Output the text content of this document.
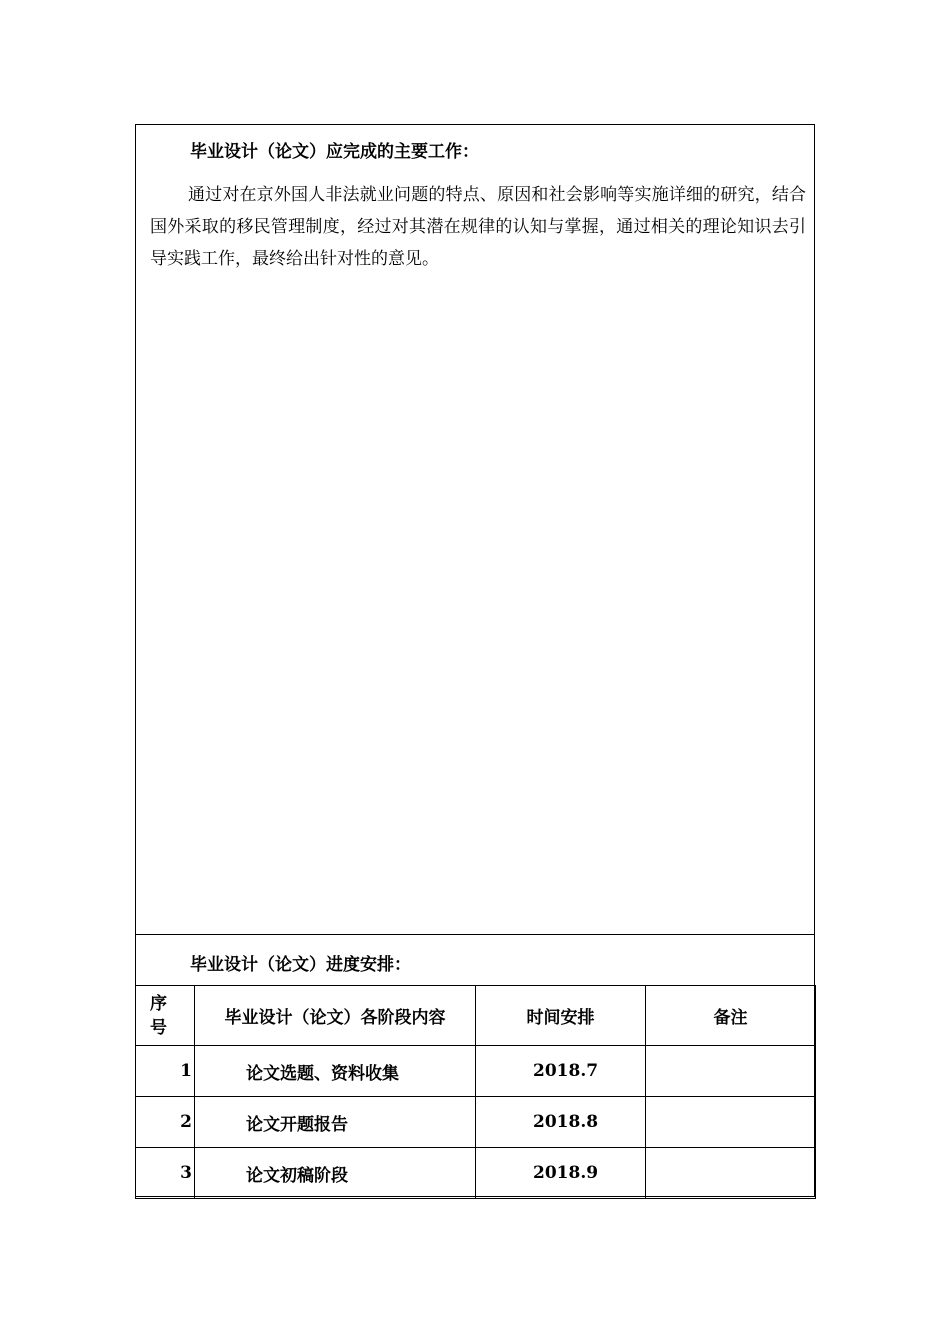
毕业设计（论文）应完成的主要工作：

通过对在京外国人非法就业问题的特点、原因和社会影响等实施详细的研究，结合国外采取的移民管理制度，经过对其潜在规律的认知与掌握，通过相关的理论知识去引导实践工作，最终给出针对性的意见。

毕业设计（论文）进度安排：
序
号	毕业设计（论文）各阶段内容	时间安排	备注
1	论文选题、资料收集	2018.7	
2	论文开题报告	2018.8	
3	论文初稿阶段	2018.9	
